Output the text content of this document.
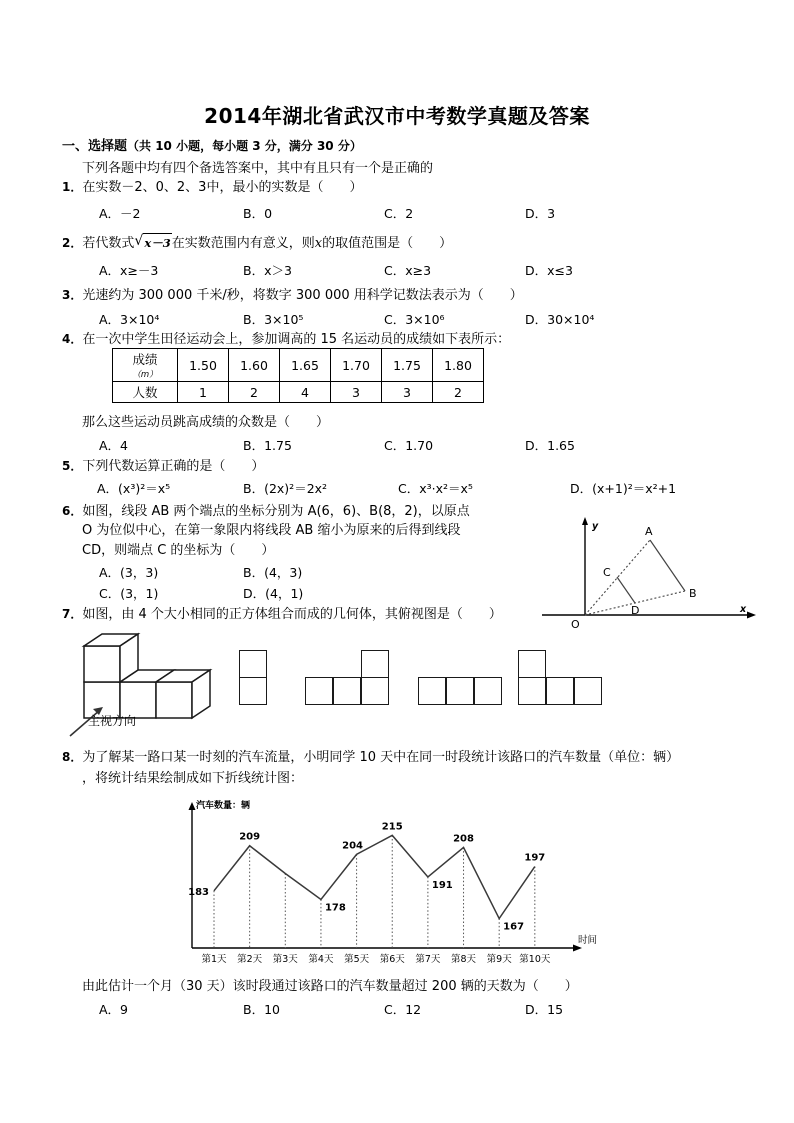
2014年湖北省武汉市中考数学真题及答案
一、选择题（共 10 小题，每小题 3 分，满分 30 分）
下列各题中均有四个备选答案中，其中有且只有一个是正确的
1．在实数－2、0、2、3中，最小的实数是（　　）
A．－2	B．0	C．2	D．3
2．若代数式 √ x－3在实数范围内有意义，则x的取值范围是（　　）
A．x≥－3	B．x＞3	C．x≥3	D．x≤3
3．光速约为 300 000 千米/秒，将数字 300 000 用科学记数法表示为（　　）
A．3×10⁴	B．3×10⁵	C．3×10⁶	D．30×10⁴
4．在一次中学生田径运动会上，参加调高的 15 名运动员的成绩如下表所示：
成绩
（m）	1.50	1.60	1.65	1.70	1.75	1.80
人数	1	2	4	3	3	2
那么这些运动员跳高成绩的众数是（　　）
A．4	B．1.75	C．1.70	D．1.65
5．下列代数运算正确的是（　　）
A．(x³)²＝x⁵	B．(2x)²＝2x²	C．x³·x²＝x⁵	D．(x+1)²＝x²+1
6．如图，线段 AB 两个端点的坐标分别为 A(6，6)、B(8，2)，以原点
O 为位似中心，在第一象限内将线段 AB 缩小为原来的后得到线段
CD，则端点 C 的坐标为（　　）
A．(3，3)	B．(4，3)
C．(3，1)	D．(4，1)
y
x
O
A
B
C
D
7．如图，由 4 个大小相同的正方体组合而成的几何体，其俯视图是（　　）
主视方向
8．为了解某一路口某一时刻的汽车流量，小明同学 10 天中在同一时段统计该路口的汽车数量（单位：辆）
，将统计结果绘制成如下折线统计图：
汽车数量：辆
时间
183
209
178
204
215
191
208
167
197
第1天 第2天 第3天 第4天 第5天 第6天 第7天 第8天 第9天 第10天
由此估计一个月（30 天）该时段通过该路口的汽车数量超过 200 辆的天数为（　　）
A．9	B．10	C．12	D．15
